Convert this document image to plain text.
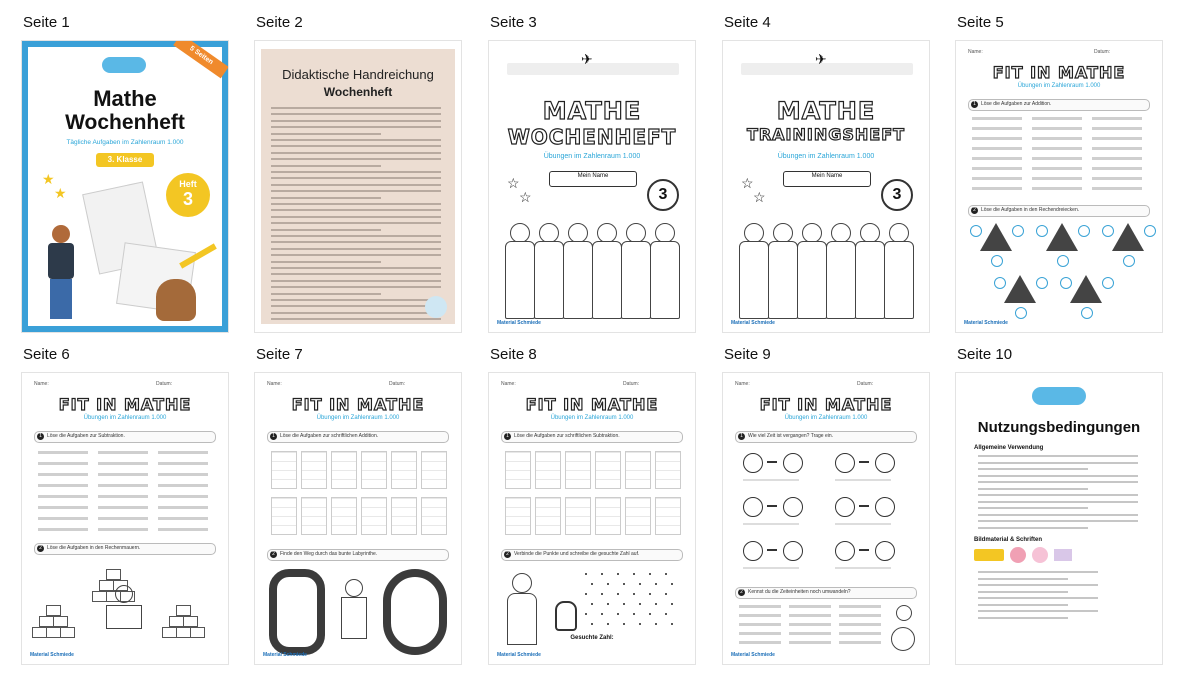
Seite 1
5 Seiten
Mathe
Wochenheft
Tägliche Aufgaben im Zahlenraum 1.000
3. Klasse
Heft
3
★
★
Seite 2
Didaktische Handreichung
Wochenheft
Seite 3
✈
MATHE
WOCHENHEFT
Übungen im Zahlenraum 1.000
Mein Name
3
☆
☆
Material Schmiede
Seite 4
✈
MATHE
TRAININGSHEFT
Übungen im Zahlenraum 1.000
Mein Name
3
☆
☆
Material Schmiede
Seite 5
Name:	Datum:
FIT IN MATHE
Übungen im Zahlenraum 1.000
1	Löse die Aufgaben zur Addition.
2	Löse die Aufgaben in den Rechendreiecken.
Material Schmiede
Seite 6
Name:	Datum:
FIT IN MATHE
Übungen im Zahlenraum 1.000
1	Löse die Aufgaben zur Subtraktion.
2	Löse die Aufgaben in den Rechenmauern.
Material Schmiede
Seite 7
Name:	Datum:
FIT IN MATHE
Übungen im Zahlenraum 1.000
1	Löse die Aufgaben zur schriftlichen Addition.
2	Finde den Weg durch das bunte Labyrinthe.
Material Schmiede
Seite 8
Name:	Datum:
FIT IN MATHE
Übungen im Zahlenraum 1.000
1	Löse die Aufgaben zur schriftlichen Subtraktion.
2	Verbinde die Punkte und schreibe die gesuchte Zahl auf.
Gesuchte Zahl:
Material Schmiede
Seite 9
Name:	Datum:
FIT IN MATHE
Übungen im Zahlenraum 1.000
1	Wie viel Zeit ist vergangen? Trage ein.
2	Kennst du die Zeiteinheiten noch umwandeln?
Material Schmiede
Seite 10
Nutzungsbedingungen
Allgemeine Verwendung
Bildmaterial & Schriften
